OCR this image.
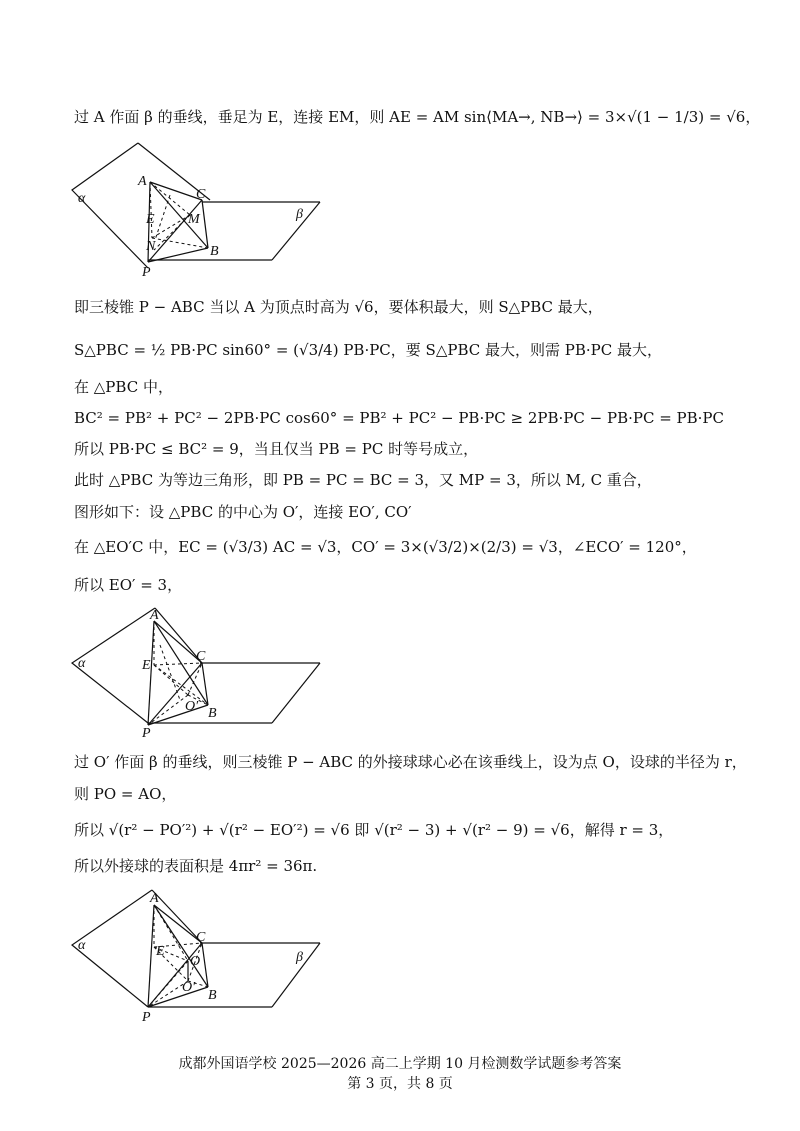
过 A 作面 β 的垂线，垂足为 E，连接 EM，则 AE = AM sin⟨MA→, NB→⟩ = 3×√(1 − 1/3) = √6，
A
C
E M
N	B
P
α
β
即三棱锥 P − ABC 当以 A 为顶点时高为 √6，要体积最大，则 S△PBC 最大，
S△PBC = ½ PB·PC sin60° = (√3/4) PB·PC，要 S△PBC 最大，则需 PB·PC 最大，
在 △PBC 中，
BC² = PB² + PC² − 2PB·PC cos60° = PB² + PC² − PB·PC ≥ 2PB·PC − PB·PC = PB·PC
所以 PB·PC ≤ BC² = 9，当且仅当 PB = PC 时等号成立，
此时 △PBC 为等边三角形，即 PB = PC = BC = 3，又 MP = 3，所以 M, C 重合，
图形如下：设 △PBC 的中心为 O′，连接 EO′, CO′
在 △EO′C 中，EC = (√3/3) AC = √3，CO′ = 3×(√3/2)×(2/3) = √3，∠ECO′ = 120°，
所以 EO′ = 3，
A
C
E
O′ B
P
α
过 O′ 作面 β 的垂线，则三棱锥 P − ABC 的外接球球心必在该垂线上，设为点 O，设球的半径为 r，
则 PO = AO，
所以 √(r² − PO′²) + √(r² − EO′²) = √6 即 √(r² − 3) + √(r² − 9) = √6，解得 r = 3，
所以外接球的表面积是 4πr² = 36π.
A
C
E
O
O′
B
P
α
β
成都外国语学校 2025—2026 高二上学期 10 月检测数学试题参考答案
第 3 页，共 8 页
